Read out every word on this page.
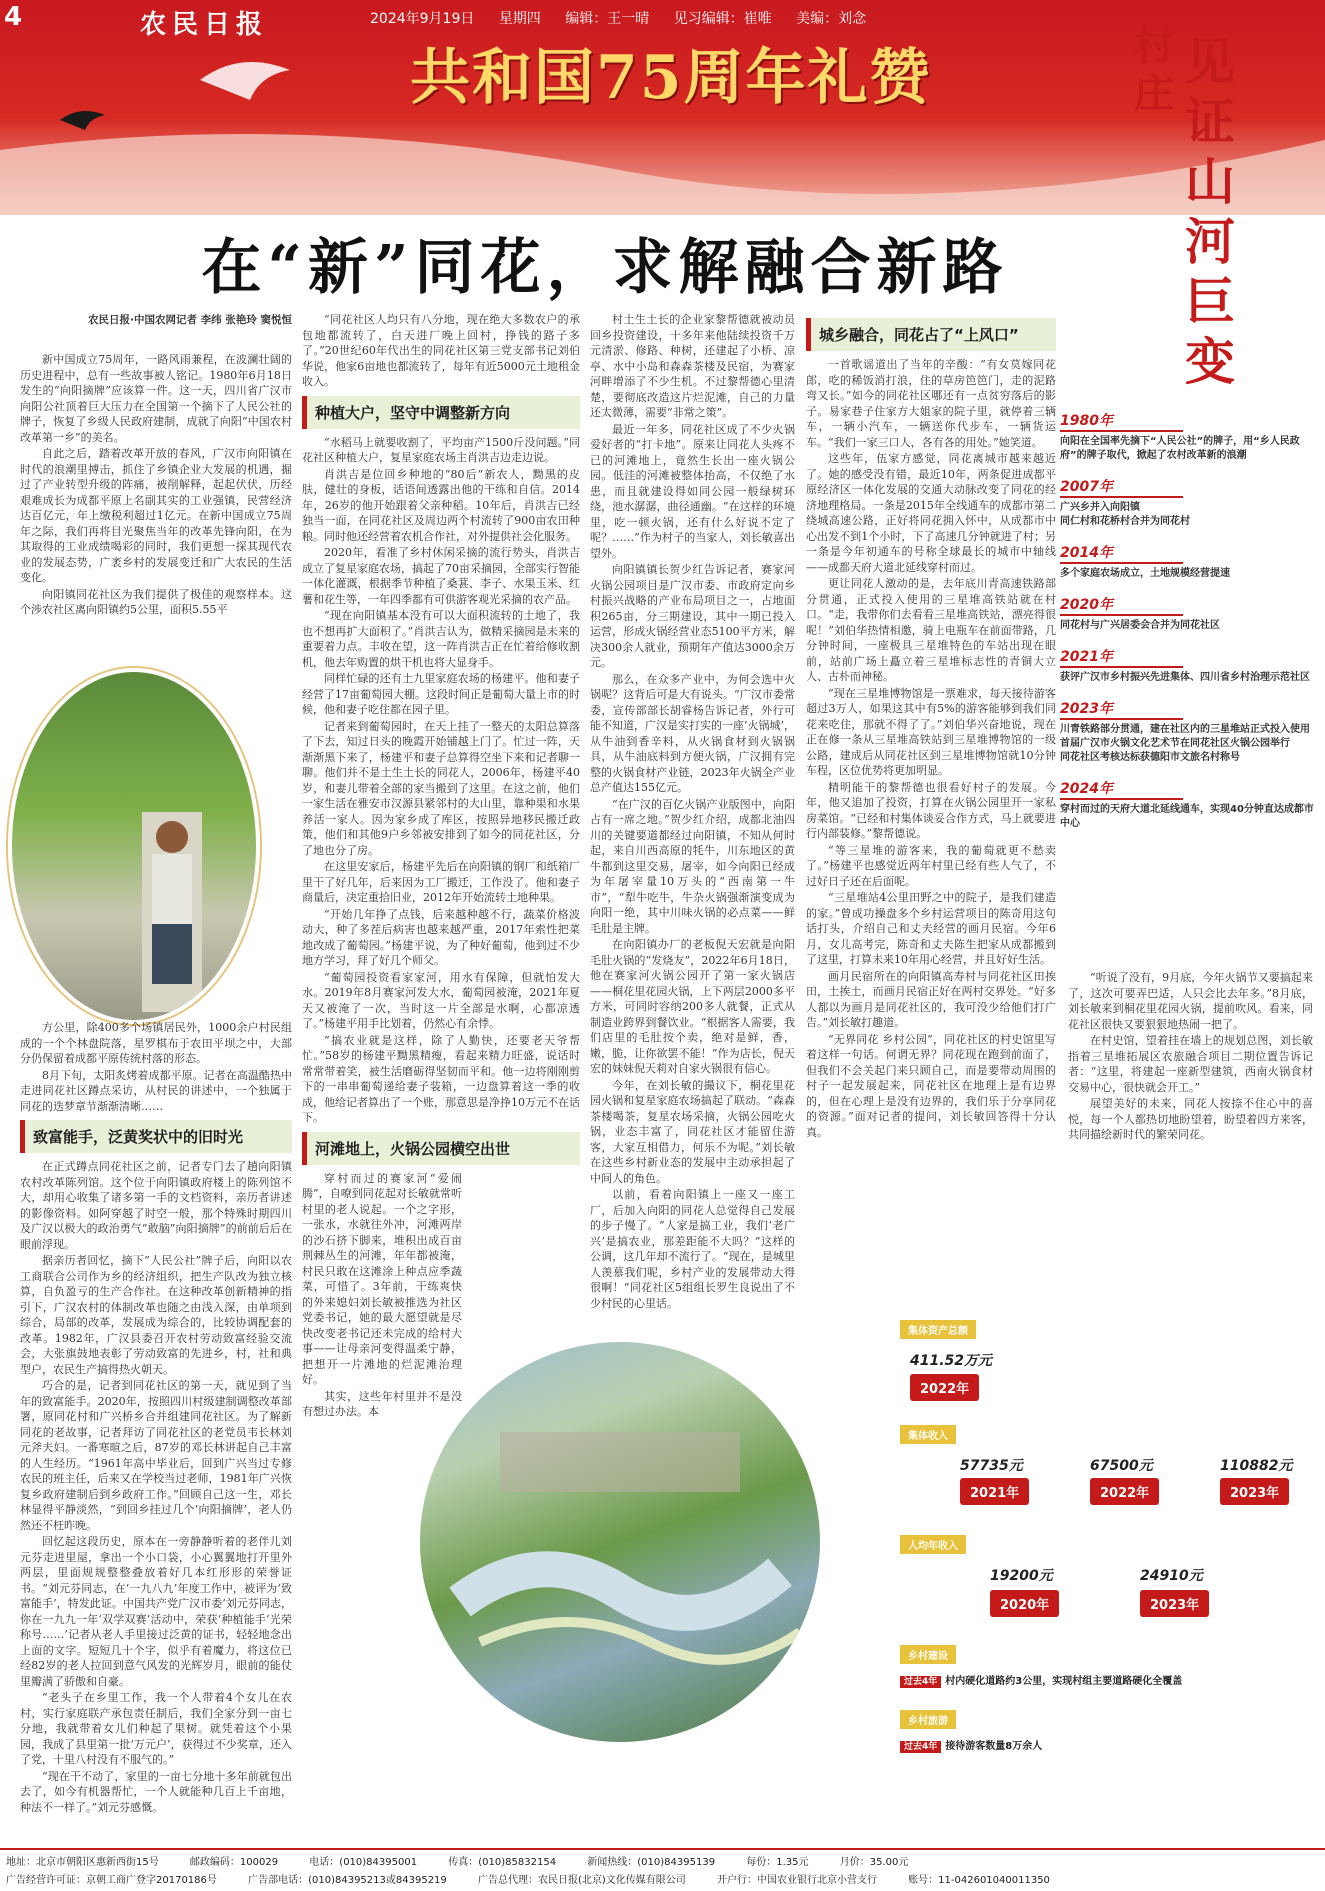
4	农民日报	2024年9月19日 星期四 编辑：王一晴 见习编辑：崔唯 美编：刘念
共和国75周年礼赞	村庄
见证山河巨变
在“新”同花，求解融合新路
农民日报·中国农网记者 李纬 张艳玲 窦悦恒

新中国成立75周年，一路风雨兼程，在波澜壮阔的历史进程中，总有一些故事被人铭记。1980年6月18日发生的“向阳摘牌”应该算一件。这一天，四川省广汉市向阳公社顶着巨大压力在全国第一个摘下了人民公社的牌子，恢复了乡级人民政府建制，成就了向阳“中国农村改革第一乡”的美名。

自此之后，踏着改革开放的春风，广汉市向阳镇在时代的浪潮里搏击，抓住了乡镇企业大发展的机遇，掘过了产业转型升级的阵痛，被削解释，起起伏伏，历经艰难成长为成都平原上名副其实的工业强镇，民营经济达百亿元，年上缴税利超过1亿元。在新中国成立75周年之际，我们再将目光聚焦当年的改革先锋向阳，在为其取得的工业成绩喝彩的同时，我们更想一探其现代农业的发展态势，广袤乡村的发展变迁和广大农民的生活变化。

向阳镇同花社区为我们提供了极佳的观察样本。这个涉农社区离向阳镇约5公里，面积5.55平

方公里，除400多个场镇居民外，1000余户村民组成的一个个林盘院落，星罗棋布于农田平坝之中，大部分仍保留着成都平原传统村落的形态。

8月下旬，太阳炙烤着成都平原。记者在高温酷热中走进同花社区蹲点采访，从村民的讲述中，一个独属于同花的迭梦章节渐渐清晰……

致富能手，泛黄奖状中的旧时光

在正式蹲点同花社区之前，记者专门去了趟向阳镇农村改革陈列馆。这个位于向阳镇政府楼上的陈列馆不大，却用心收集了诸多第一手的文档资料，亲历者讲述的影像资料。如阿穿越了时空一般，那个特殊时期四川及广汉以极大的政治勇气“敢脑”向阳摘牌”的前前后后在眼前浮现。

据亲历者回忆，摘下“人民公社”牌子后，向阳以农工商联合公司作为乡的经济组织，把生产队改为独立核算，自负盈亏的生产合作社。在这种改革创新精神的指引下，广汉农村的体制改革也随之由浅入深，由单项到综合，局部的改革，发展成为综合的，比较协调配套的改革。1982年，广汉县委召开农村劳动致富经验交流会，大张旗鼓地表彰了劳动致富的先进乡，村，社和典型户，农民生产搞得热火朝天。

巧合的是，记者到同花社区的第一天，就见到了当年的致富能手。2020年，按照四川村级建制调整改革部署，原同花村和广兴桥乡合并组建同花社区。为了解新同花的老故事，记者拜访了同花社区的老党员韦长林刘元斧夫妇。一番寒暄之后，87岁的邓长林讲起自己丰富的人生经历。“1961年高中毕业后，回到广兴当过专修农民的班主任，后来又在学校当过老师，1981年广兴恢复乡政府建制后到乡政府工作。”回顾自己这一生，邓长林显得平静淡然，“到回乡挂过几个‘向阳摘牌’，老人仍然还不枉昨晚。

回忆起这段历史，原本在一旁静静听着的老伴儿刘元芬走进里屋，拿出一个小口袋，小心翼翼地打开里外两层，里面规规整整叠放着好几本红形形的荣誉证书。“刘元芬同志，在‘一九八九’年度工作中，被评为‘致富能手’，特发此证。中国共产党广汉市委‘刘元芬同志，你在一九九一年‘双学双赛’活动中，荣获‘种植能手’光荣称号……’记者从老人手里接过泛黄的证书，轻轻地念出上面的文字。短短几十个字，似乎有着魔力，将这位已经82岁的老人拉回到意气风发的光辉岁月，眼前的能仗里瓣满了骄傲和自豪。

“老头子在乡里工作，我一个人带着4个女儿在农村，实行家庭联产承包责任制后，我们全家分到一亩七分地，我就带着女儿们种起了果树。就凭着这个小果园，我成了县里第一批‘万元户’，获得过不少奖章，还入了党，十里八村没有不服气的。”

“现在干不动了，家里的一亩七分地十多年前就包出去了，如今有机器帮忙，一个人就能种几百上千亩地，种法不一样了。”刘元芬感慨。

“同花社区人均只有八分地，现在绝大多数农户的承包地都流转了，白天进厂晚上回村，挣钱的路子多了。”20世纪60年代出生的同花社区第三党支部书记刘伯华说，他家6亩地也都流转了，每年有近5000元土地租金收入。

种植大户，坚守中调整新方向

“水稻马上就要收割了，平均亩产1500斤没问题。”同花社区种植大户，复星家庭农场主肖洪吉边走边说。

肖洪吉是位回乡种地的“80后”新农人，黝黑的皮肤，健壮的身板，话语间透露出他的干练和自信。2014年，26岁的他开始跟着父亲种稻。10年后，肖洪吉已经独当一面，在同花社区及周边两个村流转了900亩农田种粮。同时他还经营着农机合作社，对外提供社会化服务。

2020年，看准了乡村休闲采摘的流行势头，肖洪吉成立了复星家庭农场，搞起了70亩采摘园，全部实行智能一体化灌溉，根据季节种植了桑葚、李子、水果玉米、红薯和花生等，一年四季都有可供游客观光采摘的农产品。

“现在向阳镇基本没有可以大面积流转的土地了，我也不想再扩大面积了。”肖洪吉认为，做精采摘园是未来的重要着力点。丰收在望，这一阵肖洪吉正在忙着给修收割机，他去年购置的烘干机也将大显身手。

同样忙碌的还有土九里家庭农场的杨建平。他和妻子经营了17亩葡萄园大棚。这段时间正是葡萄大量上市的时候，他和妻子吃住都在园子里。

记者来到葡萄园时，在天上挂了一整天的太阳总算落了下去，知过日头的晚霞开始铺越上门了。忙过一阵，天渐渐黑下来了，杨建平和妻子总算得空坐下来和记者聊一聊。他们并不是土生土长的同花人，2006年，杨建平40岁，和妻儿带着全部的家当搬到了这里。在这之前，他们一家生活在雅安市汉源县紧邻村的大山里，靠种果和水果养活一家人。因为家乡成了库区，按照异地移民搬迁政策，他们和其他9户乡邻被安排到了如今的同花社区，分了地也分了房。

在这里安家后，杨建平先后在向阳镇的钢厂和纸箱厂里干了好几年，后来因为工厂搬迁，工作没了。他和妻子商量后，决定重拾旧业，2012年开始流转土地种果。

“开始几年挣了点钱，后来越种越不行，蔬菜价格波动大，种了多茬后病害也越来越严重，2017年索性把菜地改成了葡萄园。”杨建平说，为了种好葡萄，他到过不少地方学习，拜了好几个师父。

“葡萄园投资看家家河，用水有保障，但就怕发大水。2019年8月赛家河发大水，葡萄园被淹，2021年夏天又被淹了一次，当时这一片全部是水啊，心都凉透了。”杨建平用手比划着，仍然心有余悸。

“搞农业就是这样，除了人勤快，还要老天爷帮忙。”58岁的杨建平黝黑精瘦，看起来精力旺盛，说话时常常带着笑，被生活磨砺得坚韧而平和。他一边将刚刚剪下的一串串葡萄递给妻子装箱，一边盘算着这一季的收成，他给记者算出了一个账，那意思是净挣10万元不在话下。

河滩地上，火锅公园横空出世

穿村而过的赛家河“爱闹腾”，自嘹到同花起对长敏就常听村里的老人说起。一个之字形，一张水，水就往外冲，河滩两岸的沙石挤下脚来，堆积出成百亩荆棘丛生的河滩，年年都被淹，村民只敢在这滩涂上种点应季蔬菜，可惜了。3年前，干练爽快的外来媳妇刘长敏被推选为社区党委书记，她的最大愿望就是尽快改变老书记还未完成的给村大事——让母亲河变得温柔宁静，把想开一片滩地的烂泥滩治理好。

其实，这些年村里并不是没有想过办法。本

村土生土长的企业家黎帮德就被动员回乡投资建设，十多年来他陆续投资千万元清淤、修路、种树，还建起了小桥、凉亭、水中小岛和森森茶楼及民宿，为赛家河畔增添了不少生机。不过黎帮德心里清楚，要彻底改造这片烂泥滩，自己的力量还太微薄，需要“非常之策”。

最近一年多，同花社区成了不少火锅爱好者的“打卡地”。原来让同花人头疼不已的河滩地上，竟然生长出一座火锅公园。低洼的河滩被整体抬高，不仅绝了水患，而且就建设得如同公园一般绿树环绕，池水潺潺，曲径通幽。“在这样的环境里，吃一顿火锅，还有什么好说不定了呢？……”作为村子的当家人，刘长敏喜出望外。

向阳镇镇长贺少红告诉记者，赛家河火锅公园项目是广汉市委、市政府定向乡村振兴战略的产业布局项目之一，占地面积265亩，分三期建设，其中一期已投入运营，形成火锅经营业态5100平方米，解决300余人就业，预期年产值达3000余万元。

那么，在众多产业中，为何会选中火锅呢？这背后可是大有说头。“广汉市委常委，宣传部部长胡睿杨告诉记者，外行可能不知道，广汉是实打实的一座‘火锅城’，从牛油到香辛料，从火锅食材到火锅锅具，从牛油底料到方便火锅，广汉拥有完整的火锅食材产业链，2023年火锅全产业总产值达155亿元。

“在广汉的百亿火锅产业版图中，向阳占有一席之地。”贺少红介绍，成都北油四川的关键要道都经过向阳镇，不知从何时起，来自川西高原的牦牛，川东地区的黄牛都到这里交易，屠宰，如今向阳已经成为年屠宰量10万头的“西南第一牛市”，“犁牛吃牛，牛杂火锅强渐演变成为向阳一绝，其中川味火锅的必点菜——鲜毛肚是主牌。

在向阳镇办厂的老板倪天宏就是向阳毛肚火锅的“发烧友”，2022年6月18日，他在赛家河火锅公园开了第一家火锅店——桐花里花园火锅，上下两层2000多平方米，可同时容纳200多人就餐，正式从制造业跨界到餐饮业。“根据客人需要，我们店里的毛肚按个卖，绝对是鲜，香，嫩，脆，让你欲罢不能！”作为店长，倪天宏的妹妹倪天莉对自家火锅很有信心。

今年，在刘长敏的撮议下，桐花里花园火锅和复星家庭农场搞起了联动。“森森茶楼喝茶，复星农场采摘，火锅公园吃火锅，业态丰富了，同花社区才能留住游客，大家互相借力，何乐不为呢。”刘长敏在这些乡村新业态的发展中主动承担起了中间人的角色。

以前，看着向阳镇上一座又一座工厂，后加入向阳的同花人总觉得自己发展的步子慢了。“人家是搞工业，我们‘老广兴’是搞农业，那差距能不大吗？”这样的公调，这几年却不流行了。“现在，是城里人羡慕我们呢，乡村产业的发展带动大得很啊！”同花社区5组组长罗生良说出了不少村民的心里话。

城乡融合，同花占了“上风口”

一首歌谣道出了当年的辛酸：“有女莫嫁同花郎，吃的稀饭消打浪，住的草房笆笆门，走的泥路弯又长。”如今的同花社区哪还有一点贫穷落后的影子。易家巷子住家方大姐家的院子里，就停着三辆车，一辆小汽车，一辆送你代步车，一辆货运车。“我们一家三口人，各有各的用处。”她笑道。

这些年，伍家方感觉，同花离城市越来越近了。她的感受没有错，最近10年，两条促进成都平原经济区一体化发展的交通大动脉改变了同花的经济地理格局。一条是2015年全线通车的成都市第二绕城高速公路，正好将同花拥入怀中，从成都市中心出发不到1个小时，下了高速几分钟就进了村；另一条是今年初通车的号称全球最长的城市中轴线——成都天府大道北延线穿村而过。

更让同花人激动的是，去年底川青高速铁路部分贯通，正式投入使用的三星堆高铁站就在村口。“走，我带你们去看看三星堆高铁站，漂亮得很呢！”刘伯华热情相邀，骑上电瓶车在前面带路，几分钟时间，一座极具三星堆特色的车站出现在眼前，站前广场上矗立着三星堆标志性的青铜大立人、古朴而神秘。

“现在三星堆博物馆是一票难求，每天接待游客超过3万人，如果这其中有5%的游客能够到我们同花来吃住，那就不得了了。”刘伯华兴奋地说，现在正在修一条从三星堆高铁站到三星堆博物馆的一级公路，建成后从同花社区到三星堆博物馆就10分钟车程，区位优势将更加明显。

精明能干的黎帮德也很看好村子的发展。今年，他又追加了投资，打算在火锅公园里开一家私房菜馆。“已经和村集体谈妥合作方式，马上就要进行内部装修。”黎帮德说。

“等三星堆的游客来，我的葡萄就更不愁卖了。”杨建平也感觉近两年村里已经有些人气了，不过好日子还在后面呢。

“三星堆站4公里田野之中的院子，是我们建造的家。”曾成功操盘多个乡村运营项目的陈奇用这句话打头，介绍自己和丈夫经营的画月民宿。今年6月，女儿高考完，陈奇和丈夫陈生把家从成都搬到了这里，打算未来10年用心经营，并且好好生活。

画月民宿所在的向阳镇高寿村与同花社区田挨田，土挨土，而画月民宿正好在两村交界处。“好多人都以为画月是同花社区的，我可没少给他们打广告。”刘长敏打趣道。

“无界同花 乡村公园”，同花社区的村史馆里写着这样一句话。何谓无界？同花现在跑到前面了，但我们不会关起门来只顾自己，而是要带动周围的村子一起发展起来，同花社区在地理上是有边界的，但在心理上是没有边界的，我们乐于分享同花的资源。”面对记者的提问，刘长敏回答得十分认真。

1980年
向阳在全国率先摘下“人民公社”的牌子，用“乡人民政府”的牌子取代，掀起了农村改革新的浪潮
2007年
广兴乡并入向阳镇
同仁村和花桥村合并为同花村
2014年
多个家庭农场成立，土地规模经营提速
2020年
同花村与广兴居委会合并为同花社区
2021年
获评广汉市乡村振兴先进集体、四川省乡村治理示范社区
2023年
川青铁路部分贯通，建在社区内的三星堆站正式投入使用
首届广汉市火锅文化艺术节在同花社区火锅公园举行
同花社区考核达标获德阳市文旅名村称号
2024年
穿村而过的天府大道北延线通车，实现40分钟直达成都市中心

“听说了没有，9月底，今年火锅节又要搞起来了，这次可要弄巴适，人只会比去年多。”8月底，刘长敏来到桐花里花园火锅，提前吹风。看来，同花社区很快又要狠狠地热闹一把了。

在村史馆，望着挂在墙上的规划总图，刘长敏指着三星堆拓展区农旅融合项目二期位置告诉记者：“这里，将建起一座新型建筑，西南火锅食材交易中心，很快就会开工。”

展望美好的未来，同花人按捺不住心中的喜悦，每一个人都热切地盼望着，盼望着四方来客，共同描绘新时代的繁荣同花。

集体资产总额
411.52万元
2022年
集体收入
57735元
2021年
67500元
2022年
110882元
2023年
人均年收入
19200元
2020年
24910元
2023年
乡村建设
过去4年 村内硬化道路约3公里，实现村组主要道路硬化全覆盖
乡村旅游
过去4年 接待游客数量8万余人
地址：北京市朝阳区惠新西街15号	邮政编码：100029	电话：(010)84395001	传真：(010)85832154	新闻热线：(010)84395139	每份：1.35元	月价：35.00元
广告经营许可证：京朝工商广登字20170186号	广告部电话：(010)84395213或84395219	广告总代理：农民日报(北京)文化传媒有限公司	开户行：中国农业银行北京小营支行	账号：11-042601040011350
